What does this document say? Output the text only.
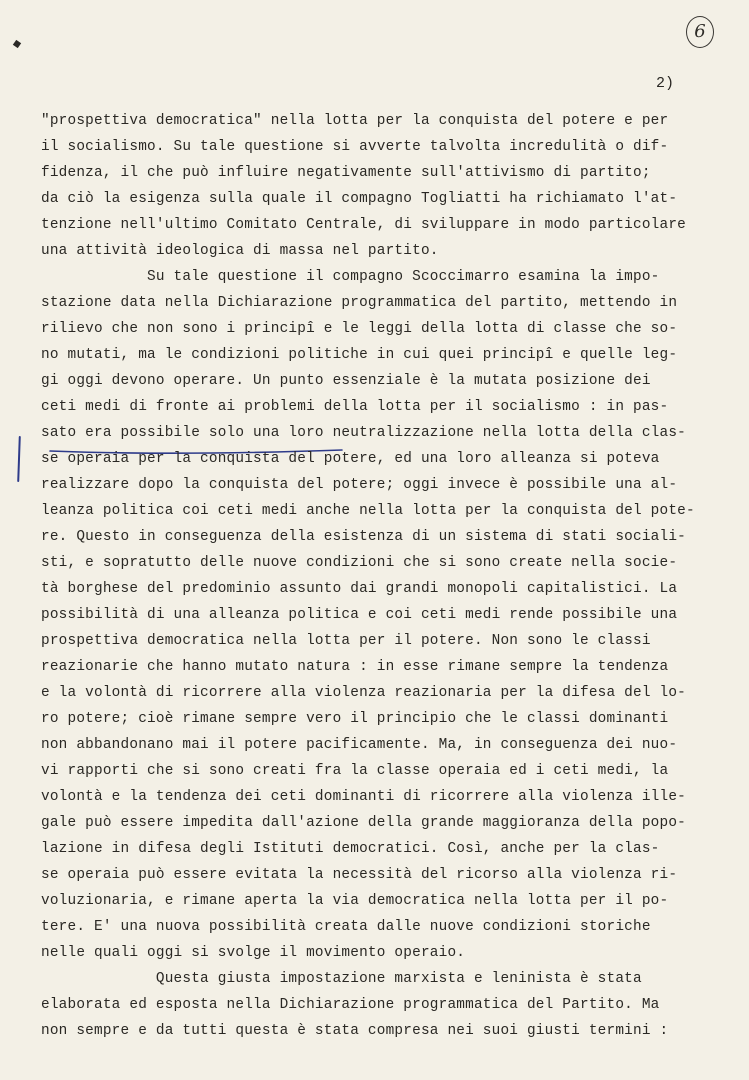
6
2)
"prospettiva democratica" nella lotta per la conquista del potere e per
il socialismo. Su tale questione si avverte talvolta incredulità o dif-
fidenza, il che può influire negativamente sull'attivismo di partito;
da ciò la esigenza sulla quale il compagno Togliatti ha richiamato l'at-
tenzione nell'ultimo Comitato Centrale, di sviluppare in modo particolare
una attività ideologica di massa nel partito.
Su tale questione il compagno Scoccimarro esamina la impo-
stazione data nella Dichiarazione programmatica del partito, mettendo in
rilievo che non sono i principî e le leggi della lotta di classe che so-
no mutati, ma le condizioni politiche in cui quei principî e quelle leg-
gi oggi devono operare. Un punto essenziale è la mutata posizione dei
ceti medi di fronte ai problemi della lotta per il socialismo : in pas-
sato era possibile solo una loro neutralizzazione nella lotta della clas-
se operaia per la conquista del potere, ed una loro alleanza si poteva
realizzare dopo la conquista del potere; oggi invece è possibile una al-
leanza politica coi ceti medi anche nella lotta per la conquista del pote-
re. Questo in conseguenza della esistenza di un sistema di stati sociali-
sti, e sopratutto delle nuove condizioni che si sono create nella socie-
tà borghese del predominio assunto dai grandi monopoli capitalistici. La
possibilità di una alleanza politica e coi ceti medi rende possibile una
prospettiva democratica nella lotta per il potere. Non sono le classi
reazionarie che hanno mutato natura : in esse rimane sempre la tendenza
e la volontà di ricorrere alla violenza reazionaria per la difesa del lo-
ro potere; cioè rimane sempre vero il principio che le classi dominanti
non abbandonano mai il potere pacificamente. Ma, in conseguenza dei nuo-
vi rapporti che si sono creati fra la classe operaia ed i ceti medi, la
volontà e la tendenza dei ceti dominanti di ricorrere alla violenza ille-
gale può essere impedita dall'azione della grande maggioranza della popo-
lazione in difesa degli Istituti democratici. Così, anche per la clas-
se operaia può essere evitata la necessità del ricorso alla violenza ri-
voluzionaria, e rimane aperta la via democratica nella lotta per il po-
tere. E' una nuova possibilità creata dalle nuove condizioni storiche
nelle quali oggi si svolge il movimento operaio.
Questa giusta impostazione marxista e leninista è stata
elaborata ed esposta nella Dichiarazione programmatica del Partito. Ma
non sempre e da tutti questa è stata compresa nei suoi giusti termini :
